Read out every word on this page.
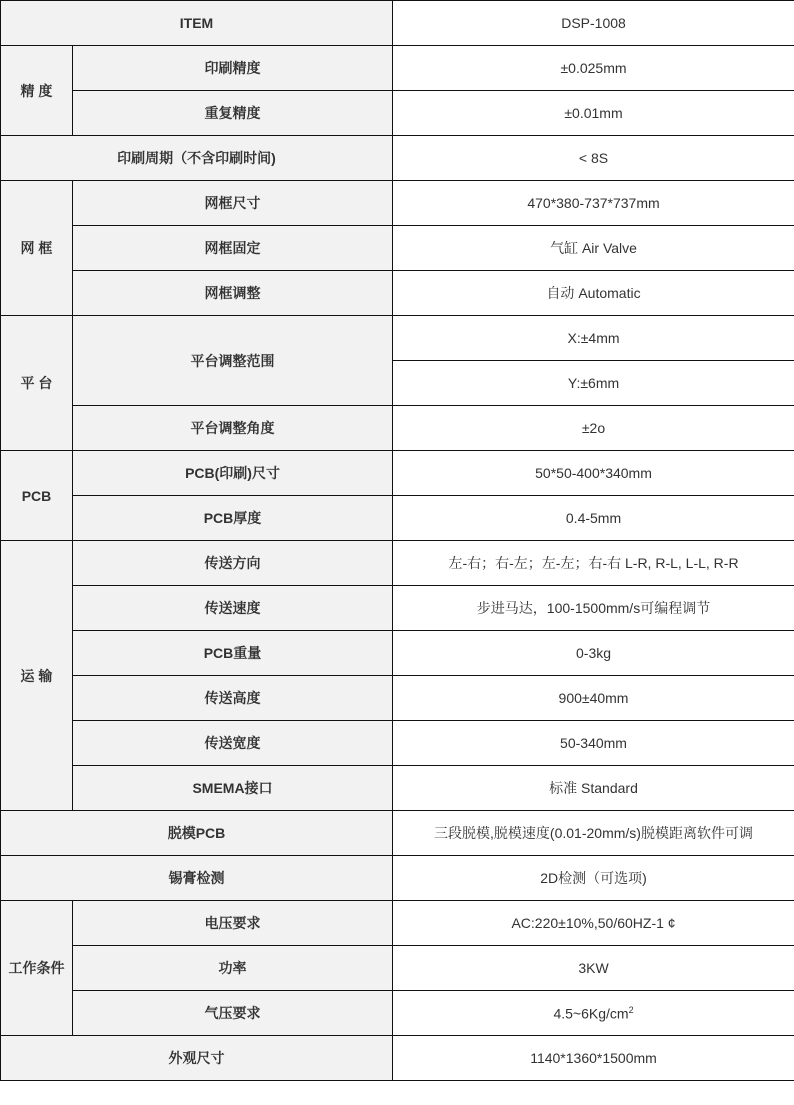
ITEM		DSP-1008
精 度	印刷精度	±0.025mm
	重复精度	±0.01mm
印刷周期（不含印刷时间)		< 8S
网 框	网框尺寸	470*380-737*737mm
	网框固定	气缸 Air Valve
	网框调整	自动 Automatic
平 台	平台调整范围	X:±4mm
		Y:±6mm
	平台调整角度	±2o
PCB	PCB(印刷)尺寸	50*50-400*340mm
	PCB厚度	0.4-5mm
运 输	传送方向	左-右；右-左；左-左；右-右 L-R, R-L, L-L, R-R
	传送速度	步进马达，100-1500mm/s可编程调节
	PCB重量	0-3kg
	传送高度	900±40mm
	传送宽度	50-340mm
	SMEMA接口	标准 Standard
脱模PCB		三段脱模,脱模速度(0.01-20mm/s)脱模距离软件可调
锡膏检测		2D检测（可选项)
工作条件	电压要求	AC:220±10%,50/60HZ-1 ¢
	功率	3KW
	气压要求	$4.5\sim 6Kg/cm^2$
外观尺寸		1140*1360*1500mm
